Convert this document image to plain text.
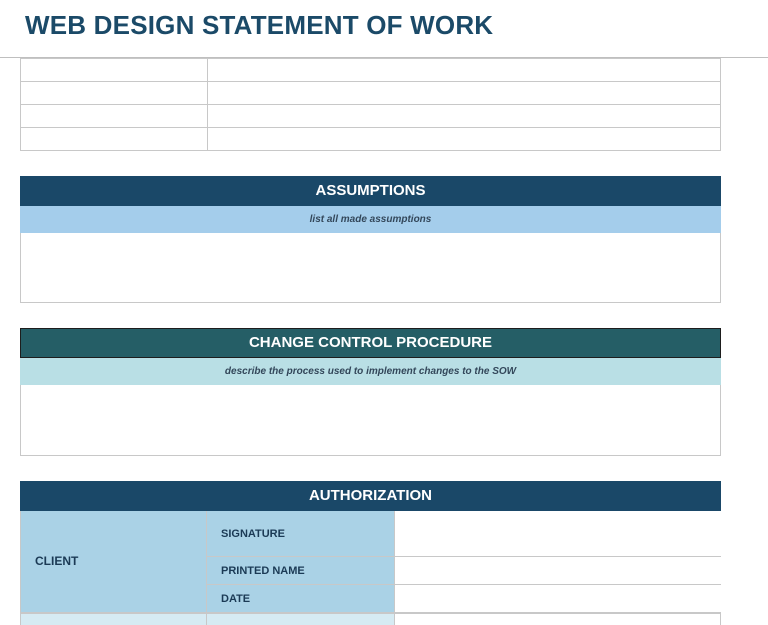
WEB DESIGN STATEMENT OF WORK

ASSUMPTIONS
list all made assumptions
CHANGE CONTROL PROCEDURE
describe the process used to implement changes to the SOW
AUTHORIZATION
CLIENT
SIGNATURE
PRINTED NAME
DATE
